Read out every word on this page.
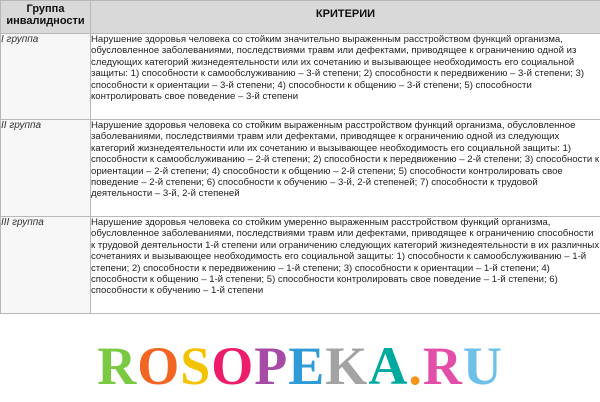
Группа
инвалидности	КРИТЕРИИ
I группа	Нарушение здоровья человека со стойким значительно выраженным расстройством функций организма, обусловленное заболеваниями, последствиями травм или дефектами, приводящее к ограничению одной из следующих категорий жизнедеятельности или их сочетанию и вызывающее необходимость его социальной защиты: 1) способности к самообслуживанию – 3-й степени; 2) способности к передвижению – 3-й степени; 3) способности к ориентации – 3-й степени; 4) способности к общению – 3-й степени; 5) способности контролировать свое поведение – 3-й степени
II группа	Нарушение здоровья человека со стойким выраженным расстройством функций организма, обусловленное заболеваниями, последствиями травм или дефектами, приводящее к ограничению одной из следующих категорий жизнедеятельности или их сочетанию и вызывающее необходимость его социальной защиты: 1) способности к самообслуживанию – 2-й степени; 2) способности к передвижению – 2-й степени; 3) способности к ориентации – 2-й степени; 4) способности к общению – 2-й степени; 5) способности контролировать свое поведение – 2-й степени; 6) способности к обучению – 3-й, 2-й степеней; 7) способности к трудовой деятельности – 3-й, 2-й степеней
III группа	Нарушение здоровья человека со стойким умеренно выраженным расстройством функций организма, обусловленное заболеваниями, последствиями травм или дефектами, приводящее к ограничению способности к трудовой деятельности 1-й степени или ограничению следующих категорий жизнедеятельности в их различных сочетаниях и вызывающее необходимость его социальной защиты: 1) способности к самообслуживанию – 1-й степени; 2) способности к передвижению – 1-й степени; 3) способности к ориентации – 1-й степени; 4) способности к общению – 1-й степени; 5) способности контролировать свое поведение – 1-й степени; 6) способности к обучению – 1-й степени
ROSOPEKA.RU
